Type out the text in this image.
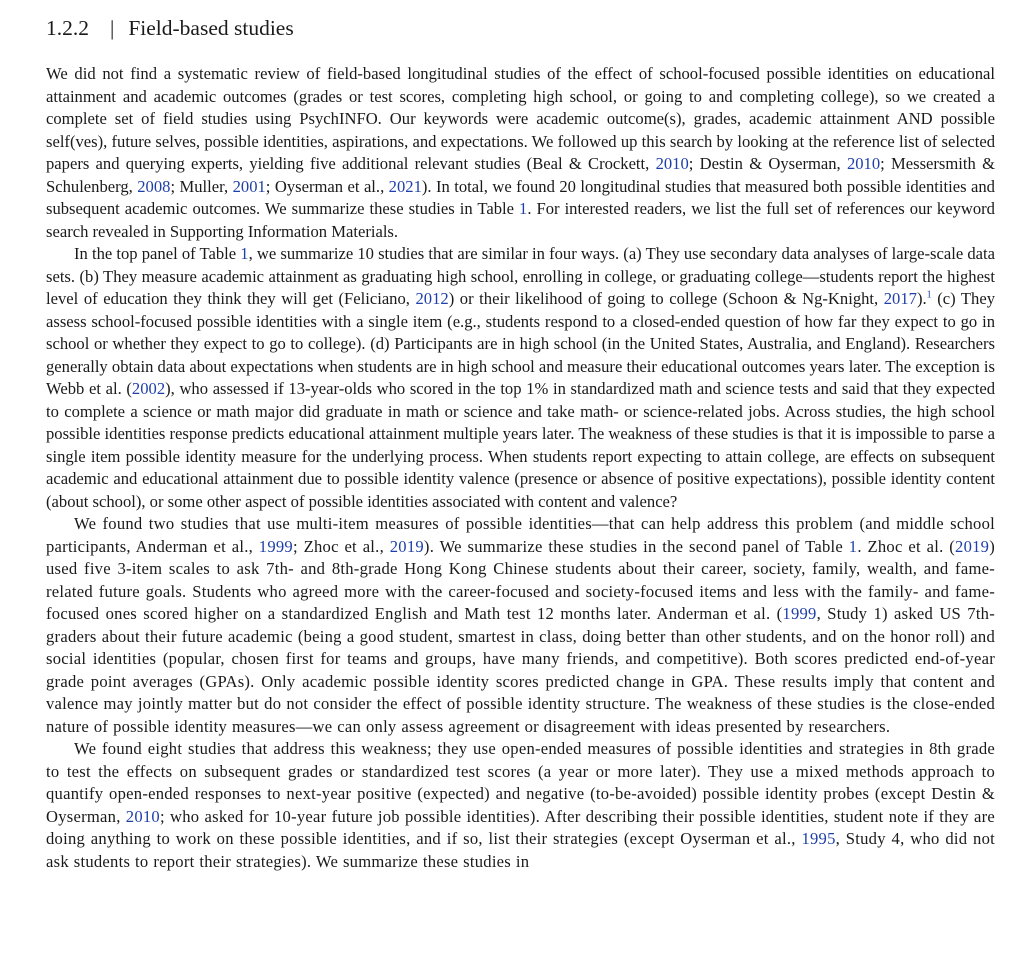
1.2.2 | Field-based studies

We did not find a systematic review of field-based longitudinal studies of the effect of school-focused possible identities on educational attainment and academic outcomes (grades or test scores, completing high school, or going to and completing college), so we created a complete set of field studies using PsychINFO. Our keywords were academic outcome(s), grades, academic attainment AND possible self(ves), future selves, possible identities, aspirations, and expectations. We followed up this search by looking at the reference list of selected papers and querying experts, yielding five additional relevant studies (Beal & Crockett, 2010; Destin & Oyserman, 2010; Messersmith & Schulenberg, 2008; Muller, 2001; Oyserman et al., 2021). In total, we found 20 longitudinal studies that measured both possible identities and subsequent academic outcomes. We summarize these studies in Table 1. For interested readers, we list the full set of references our keyword search revealed in Supporting Information Materials.

In the top panel of Table 1, we summarize 10 studies that are similar in four ways. (a) They use secondary data analyses of large-scale data sets. (b) They measure academic attainment as graduating high school, enrolling in college, or graduating college—students report the highest level of education they think they will get (Feliciano, 2012) or their likelihood of going to college (Schoon & Ng-Knight, 2017).$^1$ (c) They assess school-focused possible identities with a single item (e.g., students respond to a closed-ended question of how far they expect to go in school or whether they expect to go to college). (d) Participants are in high school (in the United States, Australia, and England). Researchers generally obtain data about expectations when students are in high school and measure their educational outcomes years later. The exception is Webb et al. (2002), who assessed if 13-year-olds who scored in the top 1% in standardized math and science tests and said that they expected to complete a science or math major did graduate in math or science and take math- or science-related jobs. Across studies, the high school possible identities response predicts educational attainment multiple years later. The weakness of these studies is that it is impossible to parse a single item possible identity measure for the underlying process. When students report expecting to attain college, are effects on subsequent academic and educational attainment due to possible identity valence (presence or absence of positive expectations), possible identity content (about school), or some other aspect of possible identities associated with content and valence?

We found two studies that use multi-item measures of possible identities—that can help address this problem (and middle school participants, Anderman et al., 1999; Zhoc et al., 2019). We summarize these studies in the second panel of Table 1. Zhoc et al. (2019) used five 3-item scales to ask 7th- and 8th-grade Hong Kong Chinese students about their career, society, family, wealth, and fame-related future goals. Students who agreed more with the career-focused and society-focused items and less with the family- and fame-focused ones scored higher on a standardized English and Math test 12 months later. Anderman et al. (1999, Study 1) asked US 7th-graders about their future academic (being a good student, smartest in class, doing better than other students, and on the honor roll) and social identities (popular, chosen first for teams and groups, have many friends, and competitive). Both scores predicted end-of-year grade point averages (GPAs). Only academic possible identity scores predicted change in GPA. These results imply that content and valence may jointly matter but do not consider the effect of possible identity structure. The weakness of these studies is the close-ended nature of possible identity measures—we can only assess agreement or disagreement with ideas presented by researchers.

We found eight studies that address this weakness; they use open-ended measures of possible identities and strategies in 8th grade to test the effects on subsequent grades or standardized test scores (a year or more later). They use a mixed methods approach to quantify open-ended responses to next-year positive (expected) and negative (to-be-avoided) possible identity probes (except Destin & Oyserman, 2010; who asked for 10-year future job possible identities). After describing their possible identities, student note if they are doing anything to work on these possible identities, and if so, list their strategies (except Oyserman et al., 1995, Study 4, who did not ask students to report their strategies). We summarize these studies in
